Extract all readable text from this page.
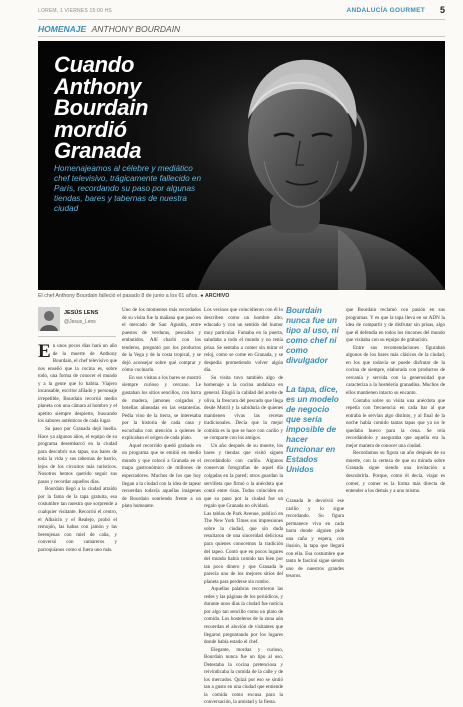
LOREM, 1 VIERNES 15:00 HS	ANDALUCÍA GOURMET 5
HOMENAJE ANTHONY BOURDAIN
Cuando Anthony Bourdain mordió Granada
Homenajeamos al célebre y mediático chef televisivo, trágicamente fallecido en París, recordando su paso por algunas tiendas, bares y tabernas de nuestra ciudad
El chef Anthony Bourdain falleció el pasado 8 de junio a los 61 años. ● ARCHIVO
JESÚS LENS
@Jesus_Lens

En unos pocos días hará un año de la muerte de Anthony Bourdain, el chef televisivo que nos enseñó que la cocina es, sobre todo, una forma de conocer el mundo y a la gente que lo habita. Viajero incansable, escritor afilado y personaje irrepetible, Bourdain recorrió medio planeta con una cámara al hombro y el apetito siempre despierto, buscando los sabores auténticos de cada lugar.

Su paso por Granada dejó huella. Hace ya algunos años, el equipo de su programa desembarcó en la ciudad para descubrir sus tapas, sus bares de toda la vida y sus tabernas de barrio, lejos de los circuitos más turísticos. Nosotros hemos querido seguir sus pasos y recordar aquellos días.

Bourdain llegó a la ciudad atraído por la fama de la tapa gratuita, esa costumbre tan nuestra que sorprende a cualquier visitante. Recorrió el centro, el Albaicín y el Realejo, probó el remojón, las habas con jamón y las berenjenas con miel de caña, y conversó con camareros y parroquianos como si fuera uno más.

Uno de los momentos más recordados de su visita fue la mañana que pasó en el mercado de San Agustín, entre puestos de verduras, pescados y embutidos. Allí charló con los tenderos, preguntó por los productos de la Vega y de la costa tropical, y se dejó aconsejar sobre qué comprar y cómo cocinarlo.

En sus visitas a los bares se mostró siempre curioso y cercano. Le gustaban los sitios sencillos, con barra de madera, jamones colgados y botellas alineadas en las estanterías. Pedía vino de la tierra, se interesaba por la historia de cada casa y escuchaba con atención a quienes le explicaban el origen de cada plato.

Aquel recorrido quedó grabado en un programa que se emitió en medio mundo y que colocó a Granada en el mapa gastronómico de millones de espectadores. Muchos de los que hoy llegan a la ciudad con la idea de tapear recuerdan todavía aquellas imágenes de Bourdain sonriendo frente a un plato humeante.

Los vecinos que coincidieron con él lo describen como un hombre alto, educado y con un sentido del humor muy particular. Fumaba en la puerta, saludaba a todo el mundo y no tenía prisa. Se sentaba a comer sin mirar el reloj, como se come en Granada, y se despedía prometiendo volver algún día.

Su visita tuvo también algo de homenaje a la cocina andaluza en general. Elogió la calidad del aceite de oliva, la frescura del pescado que llega desde Motril y la sabiduría de quienes mantienen vivas las recetas tradicionales. Decía que la mejor comida es la que se hace con cariño y se comparte con los amigos.

Un año después de su muerte, los bares y tiendas que visitó siguen recordándolo con cariño. Algunos conservan fotografías de aquel día colgadas en la pared; otros guardan la servilleta que firmó o la anécdota que contó entre risas. Todos coinciden en que su paso por la ciudad fue un regalo que Granada no olvidará.

Las tablas de Park Avenue, publicó en The New York Times sus impresiones sobre la ciudad, que sin duda resultaron de una sinceridad deliciosa para quienes conocemos la tradición del tapeo. Contó que en pocos lugares del mundo había comido tan bien por tan poco dinero y que Granada le parecía uno de los mejores sitios del planeta para perderse sin rumbo.

Aquellas palabras recorrieron las redes y las páginas de los periódicos, y durante unos días la ciudad fue noticia por algo tan sencillo como un plato de comida. Los hosteleros de la zona aún recuerdan el aluvión de visitantes que llegaron preguntando por los lugares donde había estado el chef.

Elegante, mordaz y curioso, Bourdain nunca fue un tipo al uso. Detestaba la cocina pretenciosa y reivindicaba la comida de la calle y de los mercados. Quizá por eso se sintió tan a gusto en una ciudad que entiende la comida como excusa para la conversación, la amistad y la fiesta.

Bourdain nunca fue un tipo al uso, ni como chef ni como divulgador
La tapa, dice, es un modelo de negocio que sería imposible de hacer funcionar en Estados Unidos

Granada le devolvió ese cariño y lo sigue recordando. Su figura permanece viva en cada barra donde alguien pide una caña y espera, con ilusión, la tapa que llegará con ella. Esa costumbre que tanto le fascinó sigue siendo uno de nuestros grandes tesoros.

que Bourdain reclamó con pasión en sus programas. Y es que la tapa lleva en su ADN la idea de compartir y de disfrutar sin prisas, algo que él defendía en todos los rincones del mundo que visitaba con su equipo de grabación.

Entre sus recomendaciones figuraban algunos de los bares más clásicos de la ciudad, en los que todavía se puede disfrutar de la cocina de siempre, elaborada con productos de cercanía y servida con la generosidad que caracteriza a la hostelería granadina. Muchos de ellos mantienen intacto su encanto.

Contaba sobre su visita una anécdota que repetía con frecuencia: en cada bar al que entraba le servían algo distinto, y al final de la noche había comido tantas tapas que ya no le quedaba hueco para la cena. Se reía recordándolo y aseguraba que aquella era la mejor manera de conocer una ciudad.

Recordamos su figura un año después de su muerte, con la certeza de que su mirada sobre Granada sigue siendo una invitación a descubrirla. Porque, como él decía, viajar es comer, y comer es la forma más directa de entender a los demás y a uno mismo.
